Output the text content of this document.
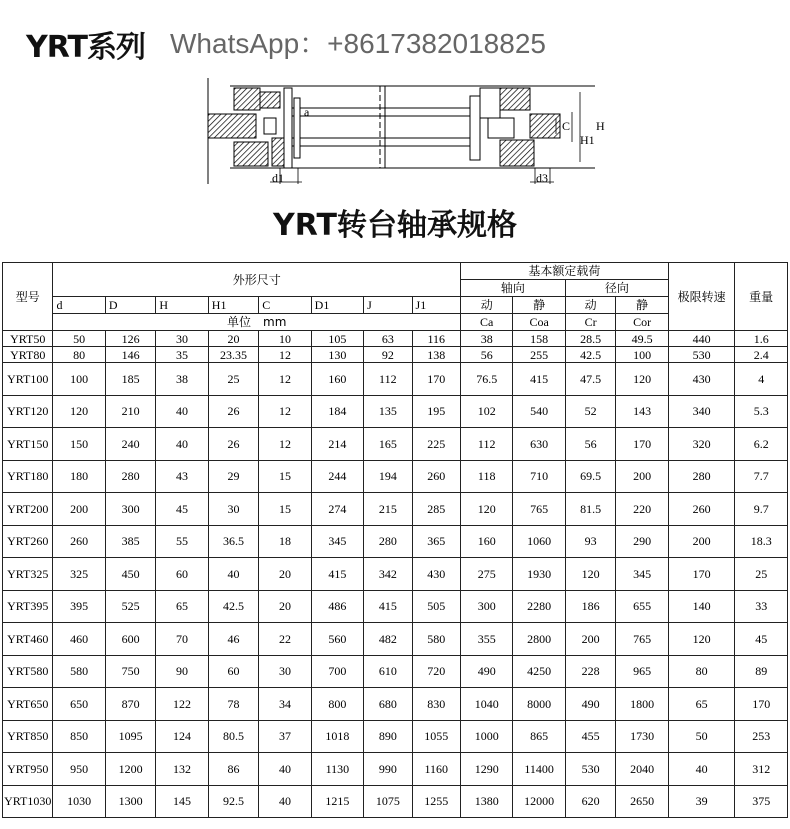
YRT系列 WhatsApp：+8617382018825
a
C H
H1
d1	d3
YRT转台轴承规格
型号	外形尺寸								基本额定载荷				极限转速	重量
									轴向		径向			
	d	D	H	H1	C	D1	J	J1	动	静	动	静		
	单位　mm								Ca	Coa	Cr	Cor		
YRT50	50	126	30	20	10	105	63	116	38	158	28.5	49.5	440	1.6
YRT80	80	146	35	23.35	12	130	92	138	56	255	42.5	100	530	2.4
YRT100	100	185	38	25	12	160	112	170	76.5	415	47.5	120	430	4
YRT120	120	210	40	26	12	184	135	195	102	540	52	143	340	5.3
YRT150	150	240	40	26	12	214	165	225	112	630	56	170	320	6.2
YRT180	180	280	43	29	15	244	194	260	118	710	69.5	200	280	7.7
YRT200	200	300	45	30	15	274	215	285	120	765	81.5	220	260	9.7
YRT260	260	385	55	36.5	18	345	280	365	160	1060	93	290	200	18.3
YRT325	325	450	60	40	20	415	342	430	275	1930	120	345	170	25
YRT395	395	525	65	42.5	20	486	415	505	300	2280	186	655	140	33
YRT460	460	600	70	46	22	560	482	580	355	2800	200	765	120	45
YRT580	580	750	90	60	30	700	610	720	490	4250	228	965	80	89
YRT650	650	870	122	78	34	800	680	830	1040	8000	490	1800	65	170
YRT850	850	1095	124	80.5	37	1018	890	1055	1000	865	455	1730	50	253
YRT950	950	1200	132	86	40	1130	990	1160	1290	11400	530	2040	40	312
YRT1030	1030	1300	145	92.5	40	1215	1075	1255	1380	12000	620	2650	39	375
